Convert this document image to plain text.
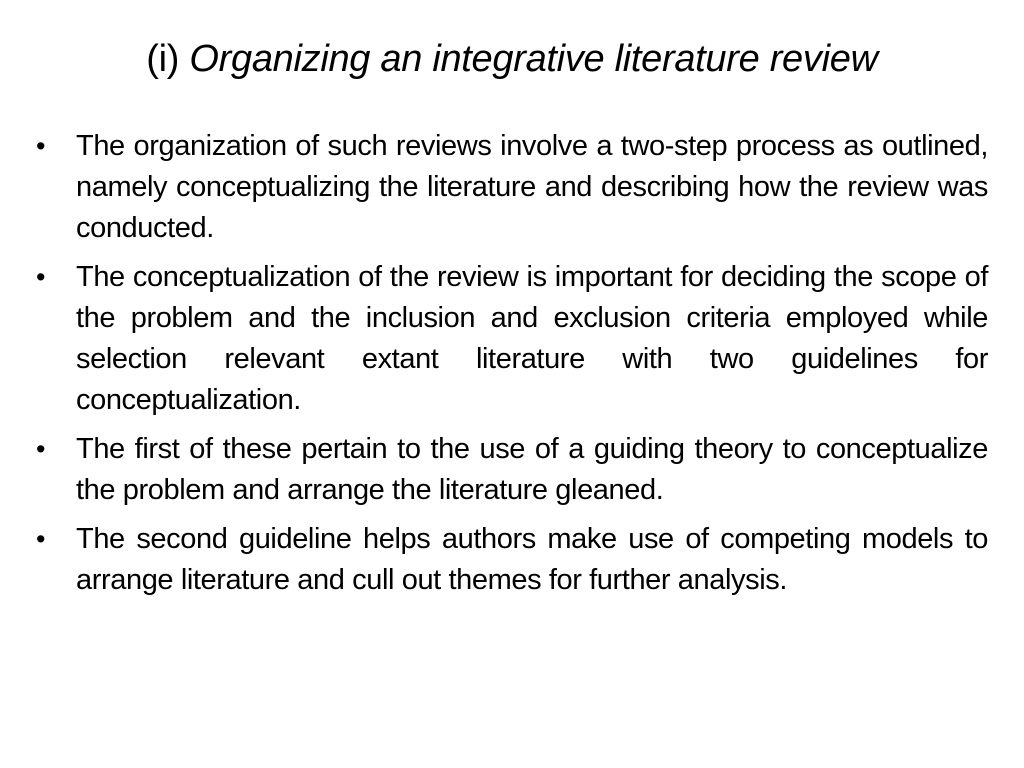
(i) Organizing an integrative literature review
•	The organization of such reviews involve a two-step process as outlined, namely conceptualizing the literature and describing how the review was conducted.
•	The conceptualization of the review is important for deciding the scope of the problem and the inclusion and exclusion criteria employed while selection relevant extant literature with two guidelines for conceptualization.
•	The first of these pertain to the use of a guiding theory to conceptualize the problem and arrange the literature gleaned.
•	The second guideline helps authors make use of competing models to arrange literature and cull out themes for further analysis.
